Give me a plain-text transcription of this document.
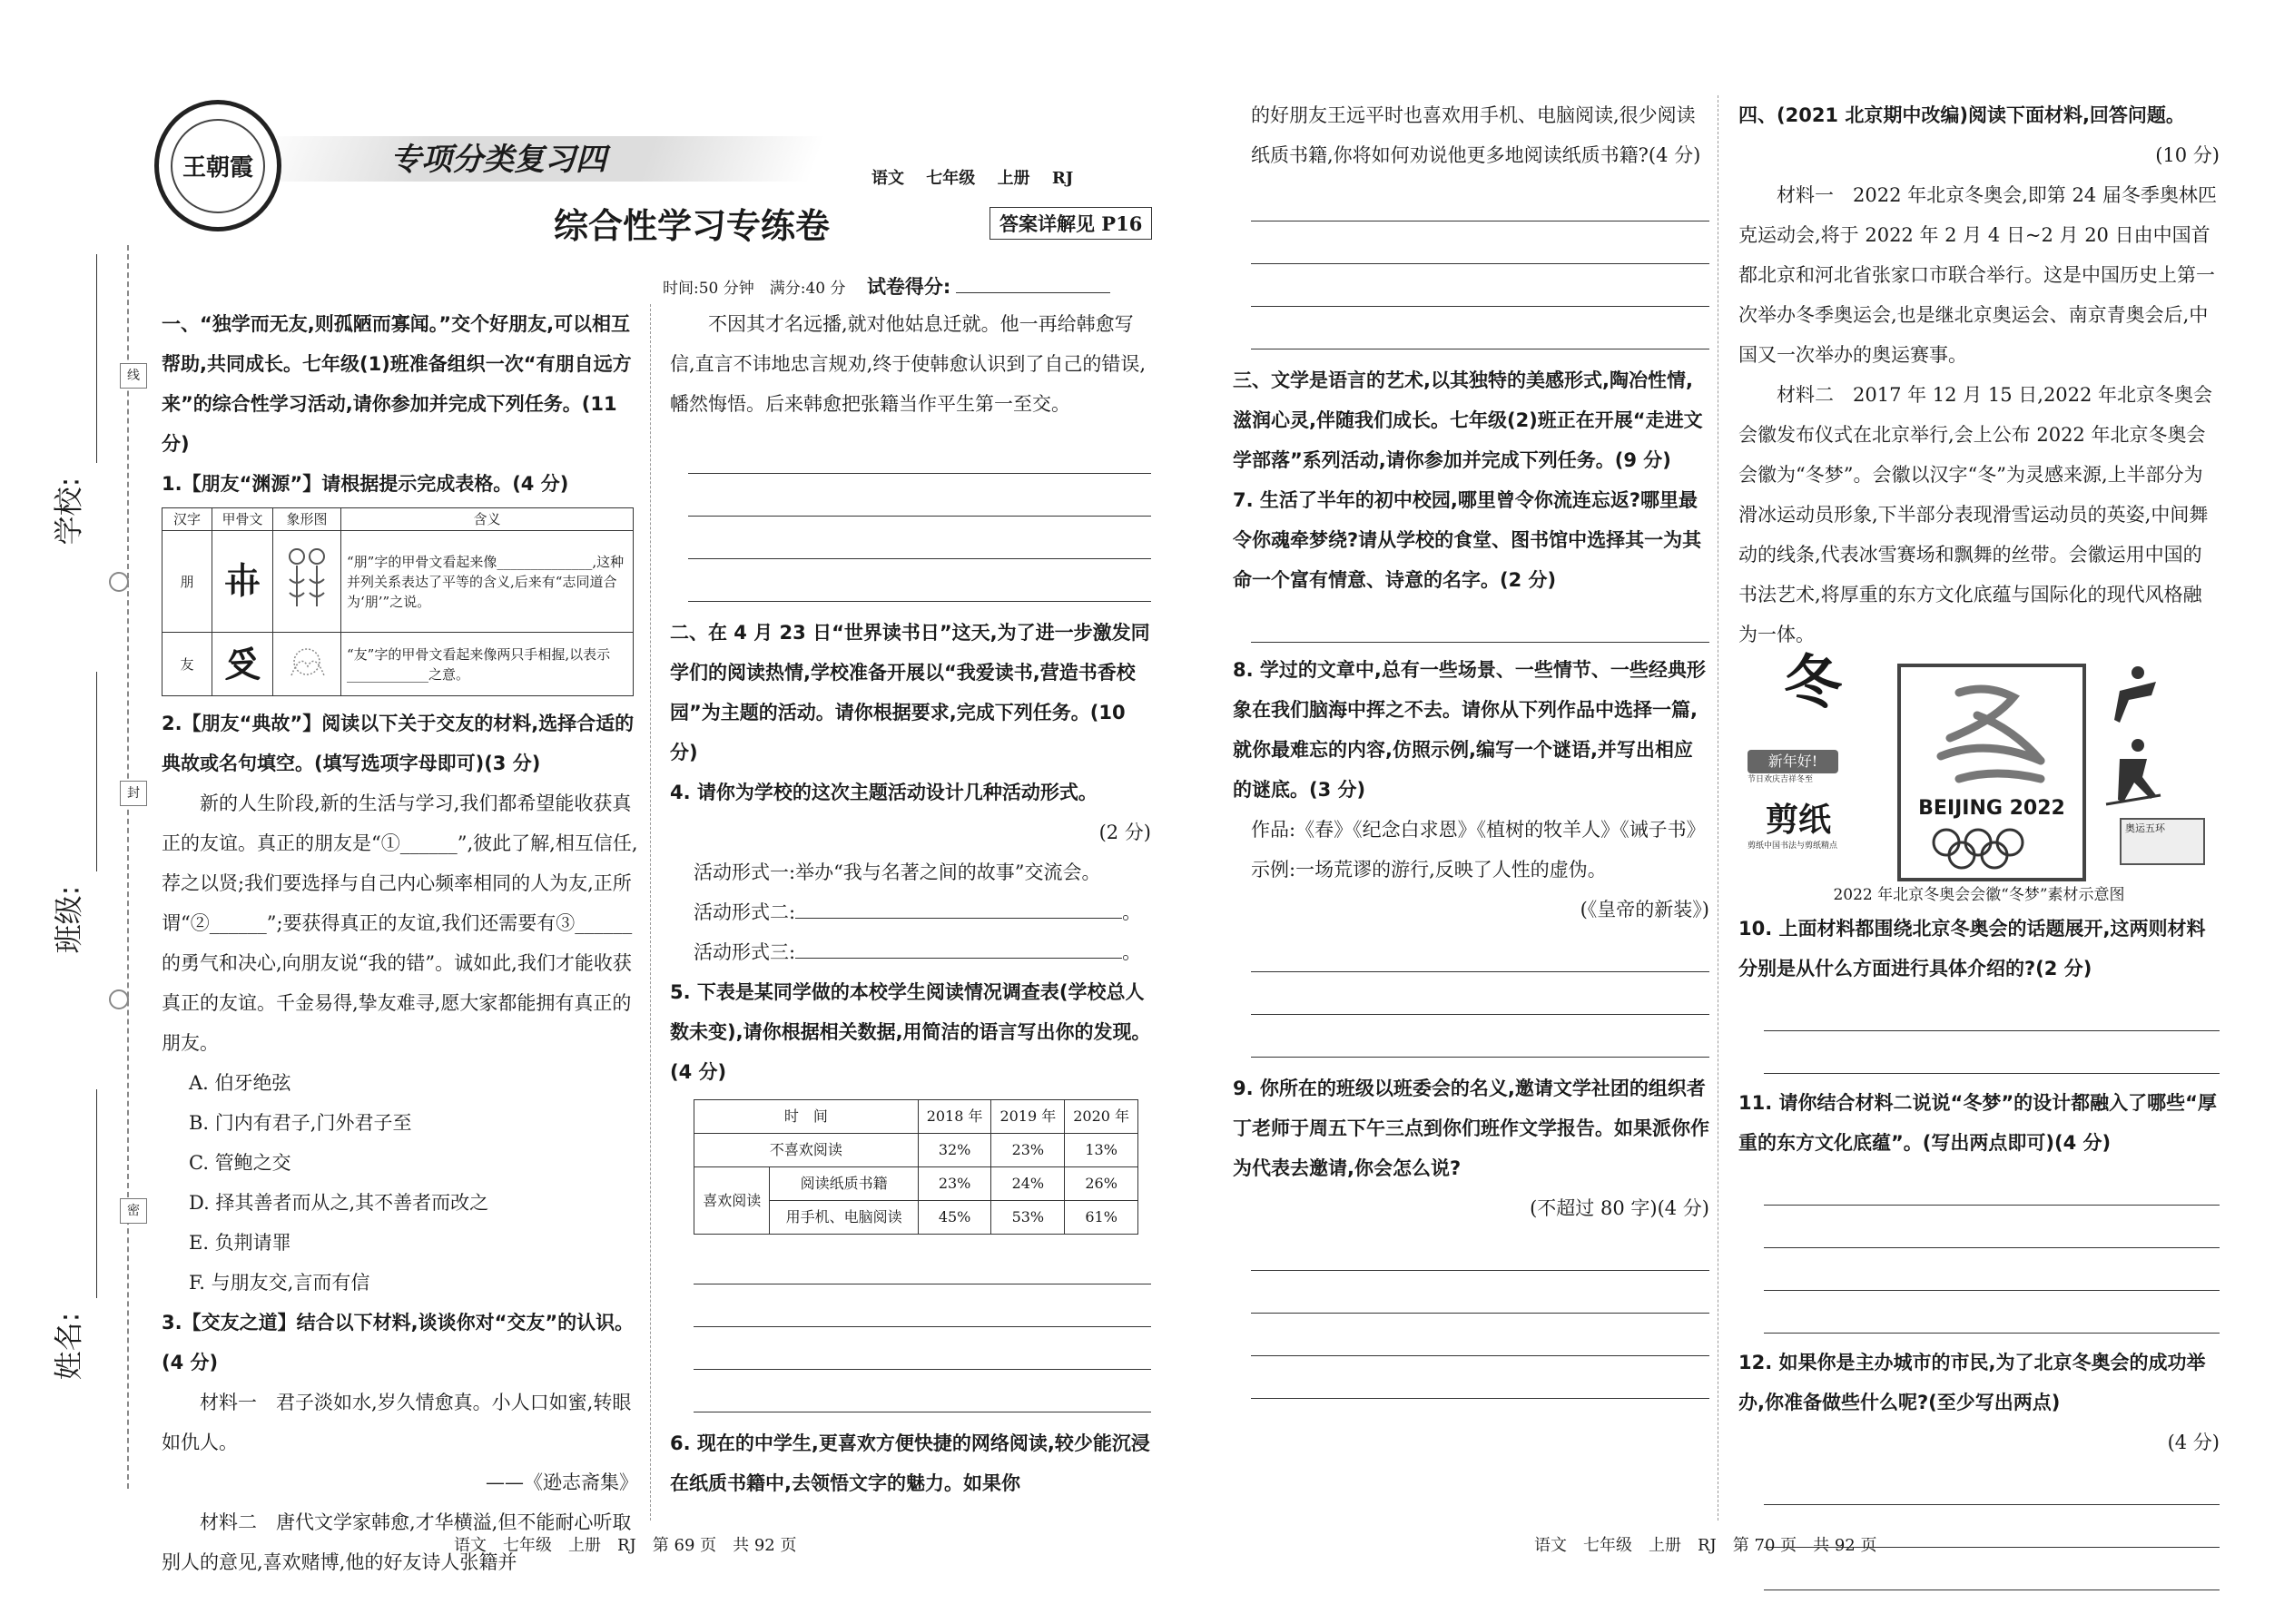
线
封
密
学校:
班级:
姓名:
王朝霞	专项分类复习四
综合性学习专练卷
语文 七年级 上册 RJ
答案详解见 P16
时间:50 分钟　满分:40 分 试卷得分:

一、“独学而无友,则孤陋而寡闻。”交个好朋友,可以相互帮助,共同成长。七年级(1)班准备组织一次“有朋自远方来”的综合性学习活动,请你参加并完成下列任务。(11 分)

1.【朋友“渊源”】请根据提示完成表格。(4 分)

汉字	甲骨文	象形图	含义
朋	𠦃		“朋”字的甲骨文看起来像______________,这种并列关系表达了平等的含义,后来有“志同道合为‘朋’”之说。
友	𠬪		“友”字的甲骨文看起来像两只手相握,以表示____________之意。

2.【朋友“典故”】阅读以下关于交友的材料,选择合适的典故或名句填空。(填写选项字母即可)(3 分)

新的人生阶段,新的生活与学习,我们都希望能收获真正的友谊。真正的朋友是“①______”,彼此了解,相互信任,荐之以贤;我们要选择与自己内心频率相同的人为友,正所谓“②______”;要获得真正的友谊,我们还需要有③______ 的勇气和决心,向朋友说“我的错”。诚如此,我们才能收获真正的友谊。千金易得,挚友难寻,愿大家都能拥有真正的朋友。

A. 伯牙绝弦

B. 门内有君子,门外君子至

C. 管鲍之交

D. 择其善者而从之,其不善者而改之

E. 负荆请罪

F. 与朋友交,言而有信

3.【交友之道】结合以下材料,谈谈你对“交友”的认识。(4 分)

材料一　君子淡如水,岁久情愈真。小人口如蜜,转眼如仇人。

——《逊志斋集》

材料二　唐代文学家韩愈,才华横溢,但不能耐心听取别人的意见,喜欢赌博,他的好友诗人张籍并

不因其才名远播,就对他姑息迁就。他一再给韩愈写信,直言不讳地忠言规劝,终于使韩愈认识到了自己的错误,幡然悔悟。后来韩愈把张籍当作平生第一至交。

二、在 4 月 23 日“世界读书日”这天,为了进一步激发同学们的阅读热情,学校准备开展以“我爱读书,营造书香校园”为主题的活动。请你根据要求,完成下列任务。(10 分)

4. 请你为学校的这次主题活动设计几种活动形式。

(2 分)

活动形式一:举办“我与名著之间的故事”交流会。

活动形式二:	。

活动形式三:	。

5. 下表是某同学做的本校学生阅读情况调查表(学校总人数未变),请你根据相关数据,用简洁的语言写出你的发现。(4 分)

时　间		2018 年	2019 年	2020 年
不喜欢阅读		32%	23%	13%
喜欢阅读	阅读纸质书籍	23%	24%	26%
	用手机、电脑阅读	45%	53%	61%

6. 现在的中学生,更喜欢方便快捷的网络阅读,较少能沉浸在纸质书籍中,去领悟文字的魅力。如果你

的好朋友王远平时也喜欢用手机、电脑阅读,很少阅读纸质书籍,你将如何劝说他更多地阅读纸质书籍?(4 分)

三、文学是语言的艺术,以其独特的美感形式,陶冶性情,滋润心灵,伴随我们成长。七年级(2)班正在开展“走进文学部落”系列活动,请你参加并完成下列任务。(9 分)

7. 生活了半年的初中校园,哪里曾令你流连忘返?哪里最令你魂牵梦绕?请从学校的食堂、图书馆中选择其一为其命一个富有情意、诗意的名字。(2 分)

8. 学过的文章中,总有一些场景、一些情节、一些经典形象在我们脑海中挥之不去。请你从下列作品中选择一篇,就你最难忘的内容,仿照示例,编写一个谜语,并写出相应的谜底。(3 分)

作品:《春》《纪念白求恩》《植树的牧羊人》《诫子书》

示例:一场荒谬的游行,反映了人性的虚伪。

(《皇帝的新装》)

9. 你所在的班级以班委会的名义,邀请文学社团的组织者丁老师于周五下午三点到你们班作文学报告。如果派你作为代表去邀请,你会怎么说?

(不超过 80 字)(4 分)

四、(2021 北京期中改编)阅读下面材料,回答问题。

(10 分)

材料一　2022 年北京冬奥会,即第 24 届冬季奥林匹克运动会,将于 2022 年 2 月 4 日~2 月 20 日由中国首都北京和河北省张家口市联合举行。这是中国历史上第一次举办冬季奥运会,也是继北京奥运会、南京青奥会后,中国又一次举办的奥运赛事。

材料二　2017 年 12 月 15 日,2022 年北京冬奥会会徽发布仪式在北京举行,会上公布 2022 年北京冬奥会会徽为“冬梦”。会徽以汉字“冬”为灵感来源,上半部分为滑冰运动员形象,下半部分表现滑雪运动员的英姿,中间舞动的线条,代表冰雪赛场和飘舞的丝带。会徽运用中国的书法艺术,将厚重的东方文化底蕴与国际化的现代风格融为一体。

冬
新年好!
节日欢庆吉祥冬至
剪纸
剪纸中国书法与剪纸精点
BEIJING 2022
奥运五环

2022 年北京冬奥会会徽“冬梦”素材示意图

10. 上面材料都围绕北京冬奥会的话题展开,这两则材料分别是从什么方面进行具体介绍的?(2 分)

11. 请你结合材料二说说“冬梦”的设计都融入了哪些“厚重的东方文化底蕴”。(写出两点即可)(4 分)

12. 如果你是主办城市的市民,为了北京冬奥会的成功举办,你准备做些什么呢?(至少写出两点)

(4 分)

语文　七年级　上册　RJ　第 69 页　共 92 页	语文　七年级　上册　RJ　第 70 页　共 92 页
